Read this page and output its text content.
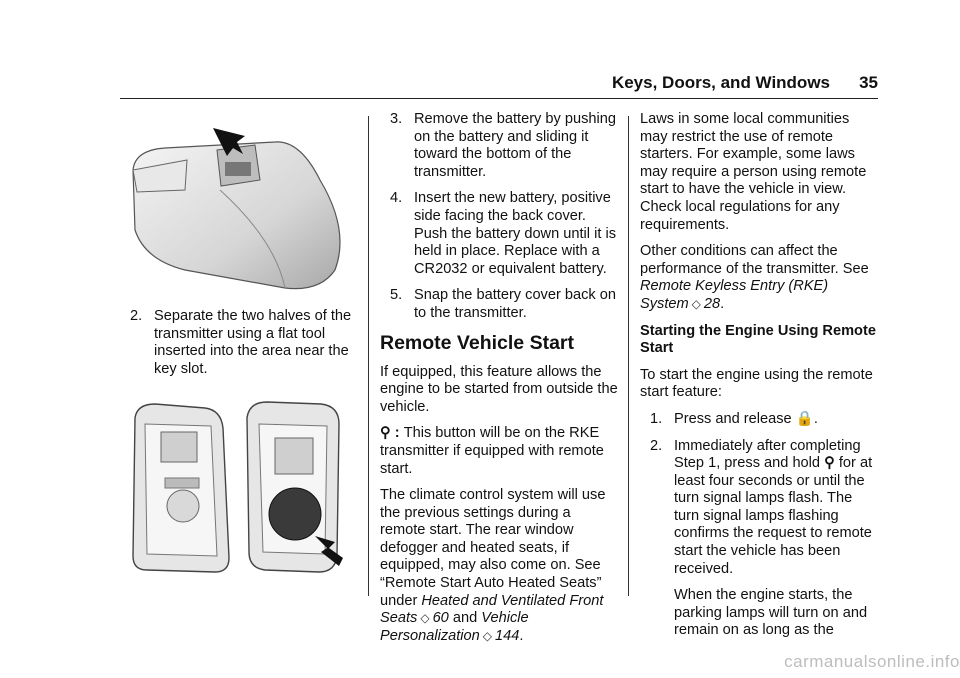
Keys, Doors, and Windows	35
2. Separate the two halves of the transmitter using a flat tool inserted into the area near the key slot.
3. Remove the battery by pushing on the battery and sliding it toward the bottom of the transmitter.
4. Insert the new battery, positive side facing the back cover. Push the battery down until it is held in place. Replace with a CR2032 or equivalent battery.
5. Snap the battery cover back on to the transmitter.
Remote Vehicle Start

If equipped, this feature allows the engine to be started from outside the vehicle.

⚲ : This button will be on the RKE transmitter if equipped with remote start.

The climate control system will use the previous settings during a remote start. The rear window defogger and heated seats, if equipped, may also come on. See “Remote Start Auto Heated Seats” under Heated and Ventilated Front Seats ◇ 60 and Vehicle Personalization ◇ 144.

Laws in some local communities may restrict the use of remote starters. For example, some laws may require a person using remote start to have the vehicle in view. Check local regulations for any requirements.

Other conditions can affect the performance of the transmitter. See Remote Keyless Entry (RKE) System ◇ 28.

Starting the Engine Using Remote Start

To start the engine using the remote start feature:

1. Press and release 🔒.
2. Immediately after completing Step 1, press and hold ⚲ for at least four seconds or until the turn signal lamps flash. The turn signal lamps flashing confirms the request to remote start the vehicle has been received.
When the engine starts, the parking lamps will turn on and remain on as long as the
carmanualsonline.info
